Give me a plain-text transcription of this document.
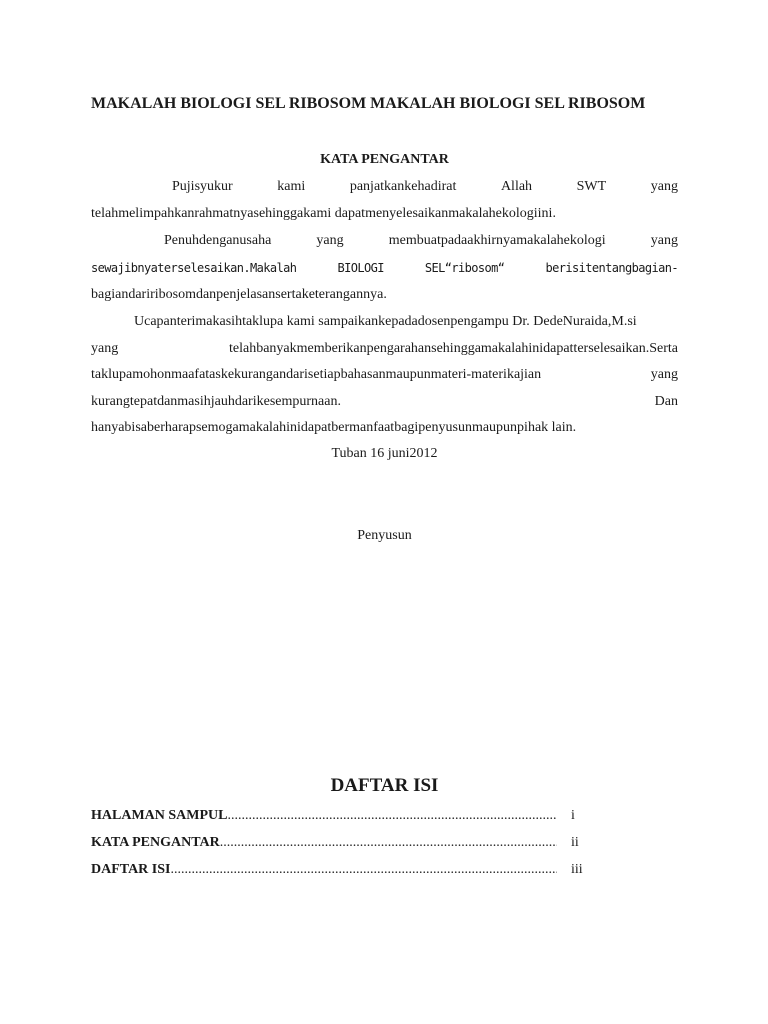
MAKALAH BIOLOGI SEL RIBOSOM MAKALAH BIOLOGI SEL RIBOSOM
KATA PENGANTAR
Pujisyukur	kami	panjatkankehadirat	Allah	SWT	yang
telahmelimpahkanrahmatnyasehinggakami dapatmenyelesaikanmakalahekologiini.
Penuhdenganusaha	yang	membuatpadaakhirnyamakalahekologi	yang
sewajibnyaterselesaikan.Makalah	BIOLOGI	SEL“ribosom“	berisitentangbagian-
bagiandariribosomdanpenjelasansertaketerangannya.
Ucapanterimakasihtaklupa kami sampaikankepadadosenpengampu Dr. DedeNuraida,M.si
yang	telahbanyakmemberikanpengarahansehinggamakalahinidapatterselesaikan.Serta
taklupamohonmaafataskekurangandarisetiapbahasanmaupunmateri-materikajian	yang
kurangtepatdanmasihjauhdarikesempurnaan.	Dan
hanyabisaberharapsemogamakalahinidapatbermanfaatbagipenyusunmaupunpihak lain.

Tuban 16 juni2012

Penyusun

DAFTAR ISI
HALAMAN SAMPUL .....	i
KATA PENGANTAR .....	ii
DAFTAR ISI .....	iii
